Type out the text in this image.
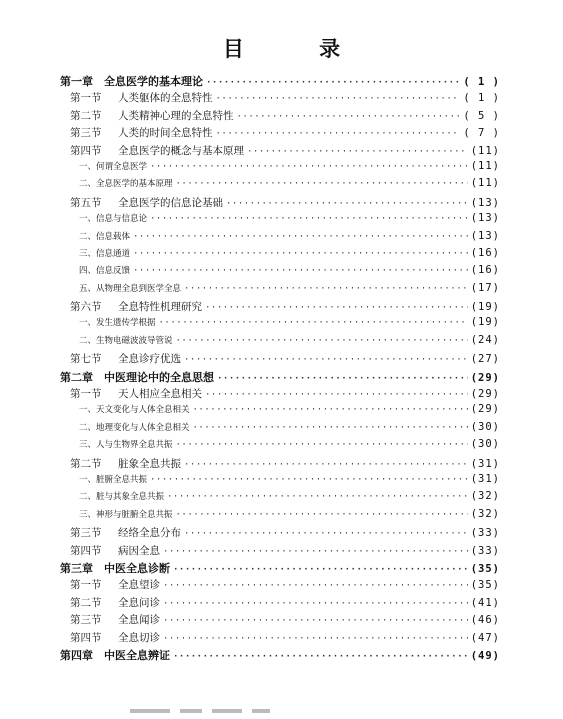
目 录
第一章	全息医学的基本理论 ·····	( 1 )
第一节	人类躯体的全息特性 ·····	( 1 )
第二节	人类精神心理的全息特性 ·····	( 5 )
第三节	人类的时间全息特性 ·····	( 7 )
第四节	全息医学的概念与基本原理 ·····	(11)
一、何谓全息医学 ·····	(11)
二、全息医学的基本原理 ·····	(11)
第五节	全息医学的信息论基础 ·····	(13)
一、信息与信息论 ·····	(13)
二、信息载体 ·····	(13)
三、信息通道 ·····	(16)
四、信息反馈 ·····	(16)
五、从物理全息到医学全息 ·····	(17)
第六节	全息特性机理研究 ·····	(19)
一、发生遗传学根据 ·····	(19)
二、生物电磁波波导管说 ·····	(24)
第七节	全息诊疗优选 ·····	(27)
第二章	中医理论中的全息思想 ·····	(29)
第一节	天人相应全息相关 ·····	(29)
一、天文变化与人体全息相关 ·····	(29)
二、地理变化与人体全息相关 ·····	(30)
三、人与生物界全息共振 ·····	(30)
第二节	脏象全息共振 ·····	(31)
一、脏腑全息共振 ·····	(31)
二、脏与其象全息共振 ·····	(32)
三、神形与脏腑全息共振 ·····	(32)
第三节	经络全息分布 ·····	(33)
第四节	病因全息 ·····	(33)
第三章	中医全息诊断 ·····	(35)
第一节	全息望诊 ·····	(35)
第二节	全息问诊 ·····	(41)
第三节	全息闻诊 ·····	(46)
第四节	全息切诊 ·····	(47)
第四章	中医全息辨证 ·····	(49)
